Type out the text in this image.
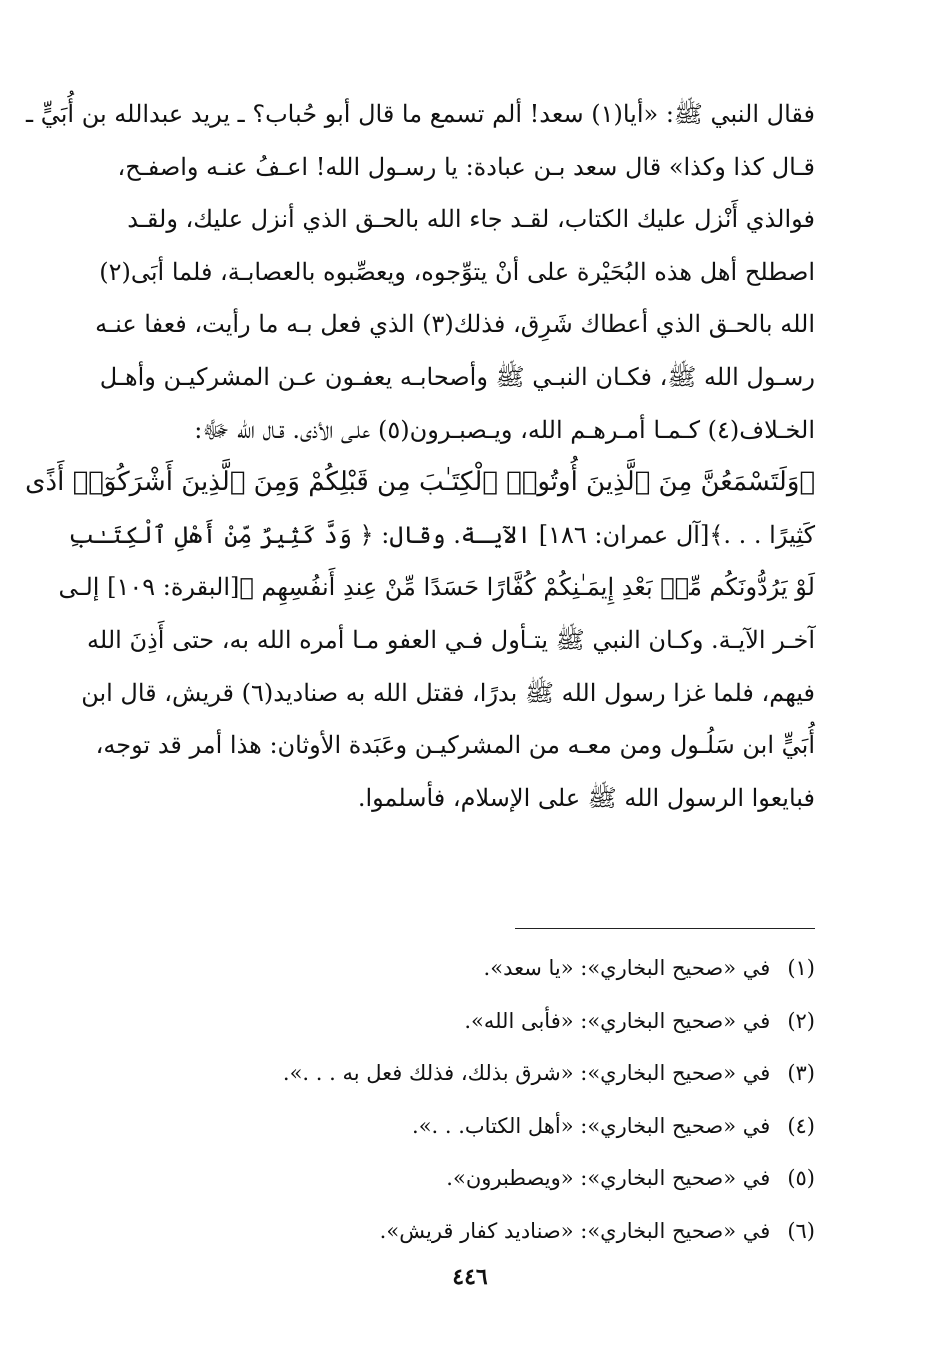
فقال النبي ﷺ: «أيا(١) سعد! ألم تسمع ما قال أبو حُباب؟ ـ يريد عبدالله بن أُبَيٍّ ـ
قـال كذا وكذا» قال سعد بـن عبادة: يا رسـول الله! اعـفُ عنـه واصفـح،
فوالذي أَنْزل عليك الكتاب، لقـد جاء الله بالحـق الذي أنزل عليك، ولقـد
اصطلح أهل هذه البُحَيْرة على أنْ يتوِّجوه، ويعصِّبوه بالعصابـة، فلما أبَى(٢)
الله بالحـق الذي أعطاك شَرِق، فذلك(٣) الذي فعل بـه ما رأيت، فعفا عنـه
رسـول الله ﷺ، فكـان النبـي ﷺ وأصحابـه يعفـون عـن المشركيـن وأهـل
الخـلاف(٤) كـمـا أمـرهـم الله، ويـصبـرون(٥) علـى الأذى. قـال الله ﷻ:
﴿وَلَتَسْمَعُنَّ مِنَ ٱلَّذِينَ أُوتُوا۟ ٱلْكِتَـٰبَ مِن قَبْلِكُمْ وَمِنَ ٱلَّذِينَ أَشْرَكُوٓا۟ أَذًى
كَثِيرًا . . .﴾[آل عمران: ١٨٦] الآيـة. وقال: ﴿ وَدَّ كَثِيرٌ مِّنْ أَهْلِ ٱلْكِتَـٰبِ
لَوْ يَرُدُّونَكُم مِّنۢ بَعْدِ إِيمَـٰنِكُمْ كُفَّارًا حَسَدًا مِّنْ عِندِ أَنفُسِهِم ﴾[البقرة: ١٠٩] إلـى
آخـر الآيـة. وكـان النبي ﷺ يتـأول فـي العفو مـا أمره الله به، حتى أَذِنَ الله
فيهم، فلما غزا رسول الله ﷺ بدرًا، فقتل الله به صناديد(٦) قريش، قال ابن
أُبَيٍّ ابن سَلُـول ومن معـه من المشركيـن وعَبَدة الأوثان: هذا أمر قد توجه،
فبايعوا الرسول الله ﷺ على الإسلام، فأسلموا.
(١) في «صحيح البخاري»: «يا سعد».
(٢) في «صحيح البخاري»: «فأبى الله».
(٣) في «صحيح البخاري»: «شرق بذلك، فذلك فعل به . . .».
(٤) في «صحيح البخاري»: «أهل الكتاب. . .».
(٥) في «صحيح البخاري»: «ويصطبرون».
(٦) في «صحيح البخاري»: «صناديد كفار قريش».
٤٤٦
